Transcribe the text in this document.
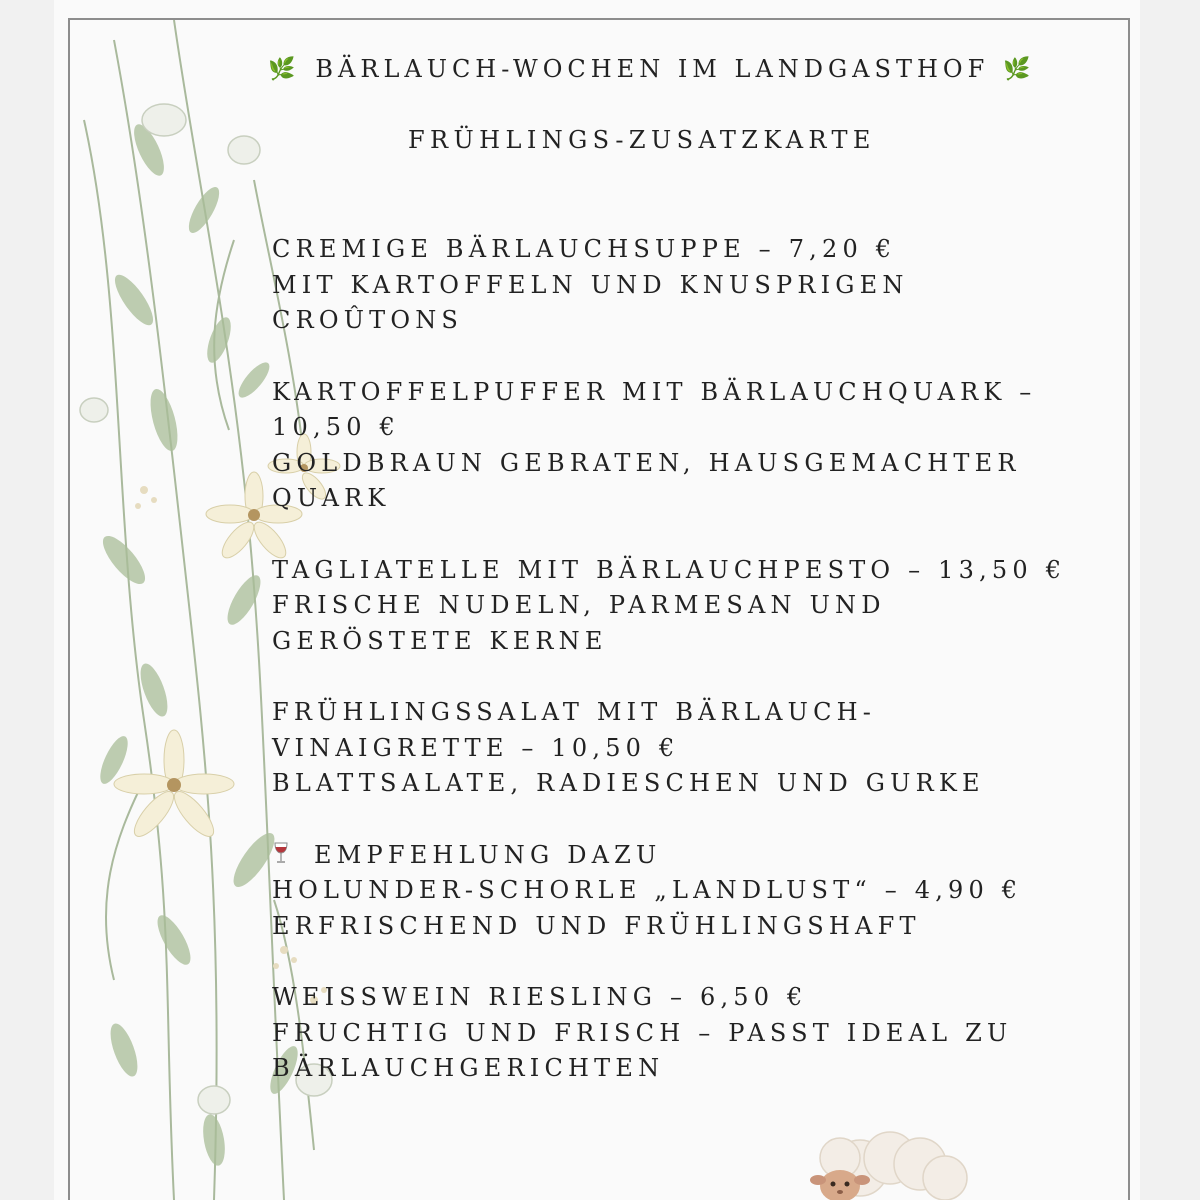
🌿 BÄRLAUCH-WOCHEN IM LANDGASTHOF 🌿
FRÜHLINGS-ZUSATZKARTE
CREMIGE BÄRLAUCHSUPPE – 7,20 €
MIT KARTOFFELN UND KNUSPRIGEN
CROÛTONS
KARTOFFELPUFFER MIT BÄRLAUCHQUARK –
10,50 €
GOLDBRAUN GEBRATEN, HAUSGEMACHTER
QUARK
TAGLIATELLE MIT BÄRLAUCHPESTO – 13,50 €
FRISCHE NUDELN, PARMESAN UND
GERÖSTETE KERNE
FRÜHLINGSSALAT MIT BÄRLAUCH-
VINAIGRETTE – 10,50 €
BLATTSALATE, RADIESCHEN UND GURKE
EMPFEHLUNG DAZU
HOLUNDER-SCHORLE „LANDLUST“ – 4,90 €
ERFRISCHEND UND FRÜHLINGSHAFT
WEISSWEIN RIESLING – 6,50 €
FRUCHTIG UND FRISCH – PASST IDEAL ZU
BÄRLAUCHGERICHTEN
